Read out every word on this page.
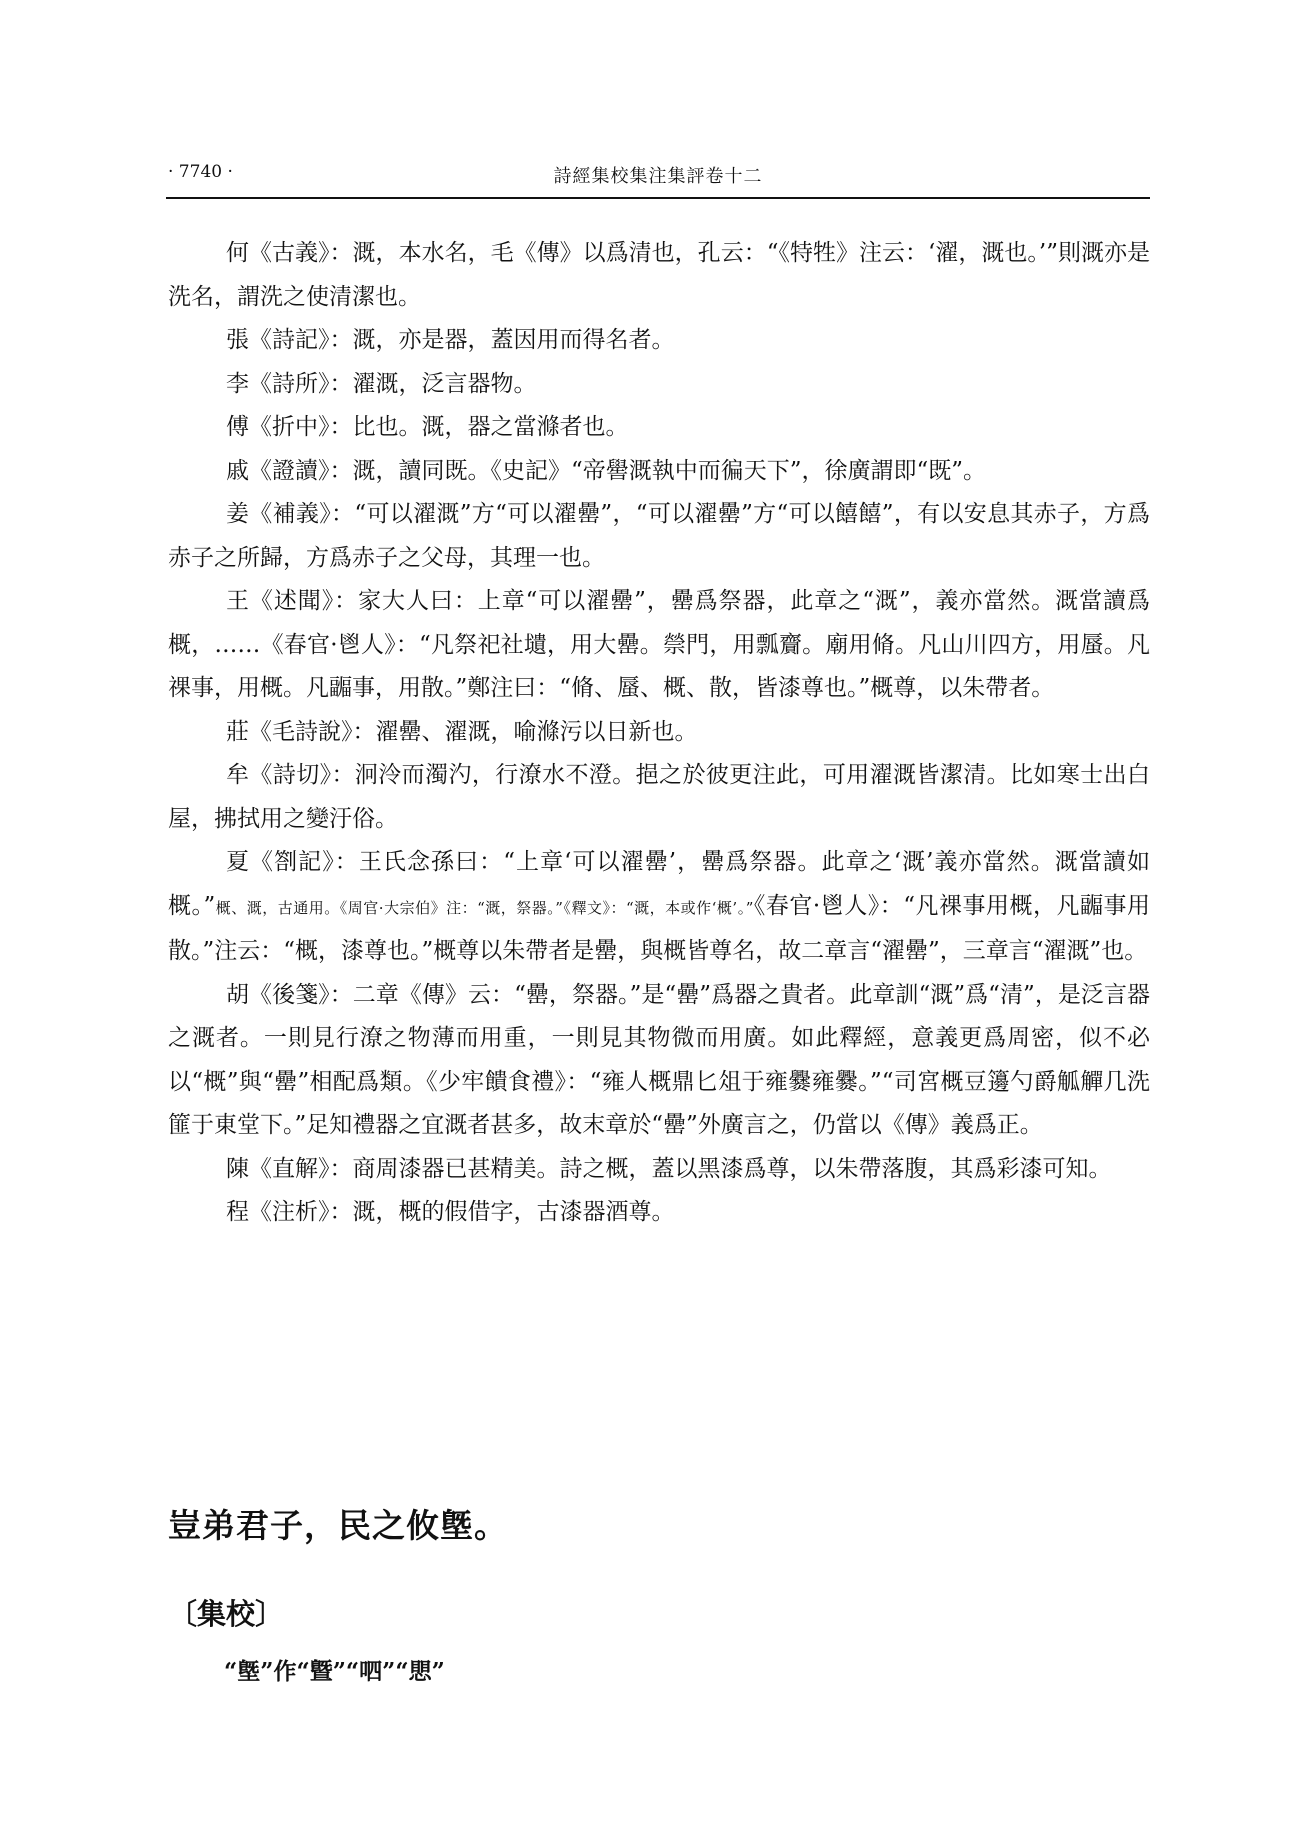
· 7740 ·	詩經集校集注集評卷十二

何《古義》：溉，本水名，毛《傳》以爲清也，孔云：“《特牲》注云：‘濯，溉也。’”則溉亦是洗名，謂洗之使清潔也。

張《詩記》：溉，亦是器，蓋因用而得名者。

李《詩所》：濯溉，泛言器物。

傅《折中》：比也。溉，器之當滌者也。

戚《證讀》：溉，讀同既。《史記》“帝嚳溉執中而徧天下”，徐廣謂即“既”。

姜《補義》：“可以濯溉”方“可以濯罍”，“可以濯罍”方“可以饎饎”，有以安息其赤子，方爲赤子之所歸，方爲赤子之父母，其理一也。

王《述聞》：家大人曰：上章“可以濯罍”，罍爲祭器，此章之“溉”，義亦當然。溉當讀爲概，……《春官·鬯人》：“凡祭祀社壝，用大罍。禜門，用瓢齎。廟用脩。凡山川四方，用蜃。凡祼事，用概。凡疈事，用散。”鄭注曰：“脩、蜃、概、散，皆漆尊也。”概尊，以朱帶者。

莊《毛詩說》：濯罍、濯溉，喻滌污以日新也。

牟《詩切》：泂泠而濁汋，行潦水不澄。挹之於彼更注此，可用濯溉皆潔清。比如寒士出白屋，拂拭用之變汙俗。

夏《劄記》：王氏念孫曰：“上章‘可以濯罍’，罍爲祭器。此章之‘溉’義亦當然。溉當讀如概。”概、溉，古通用。《周官·大宗伯》注：“溉，祭器。”《釋文》：“溉，本或作‘概’。”《春官·鬯人》：“凡祼事用概，凡疈事用散。”注云：“概，漆尊也。”概尊以朱帶者是罍，與概皆尊名，故二章言“濯罍”，三章言“濯溉”也。

胡《後箋》：二章《傳》云：“罍，祭器。”是“罍”爲器之貴者。此章訓“溉”爲“清”，是泛言器之溉者。一則見行潦之物薄而用重，一則見其物微而用廣。如此釋經，意義更爲周密，似不必以“概”與“罍”相配爲類。《少牢饋食禮》：“雍人概鼎匕俎于雍爨雍爨。”“司宮概豆籩勺爵觚觶几洗篚于東堂下。”足知禮器之宜溉者甚多，故末章於“罍”外廣言之，仍當以《傳》義爲正。

陳《直解》：商周漆器已甚精美。詩之概，蓋以黑漆爲尊，以朱帶落腹，其爲彩漆可知。

程《注析》：溉，概的假借字，古漆器酒尊。

豈弟君子，民之攸墍。
〔集校〕
“墍”作“曁”“呬”“愳”
